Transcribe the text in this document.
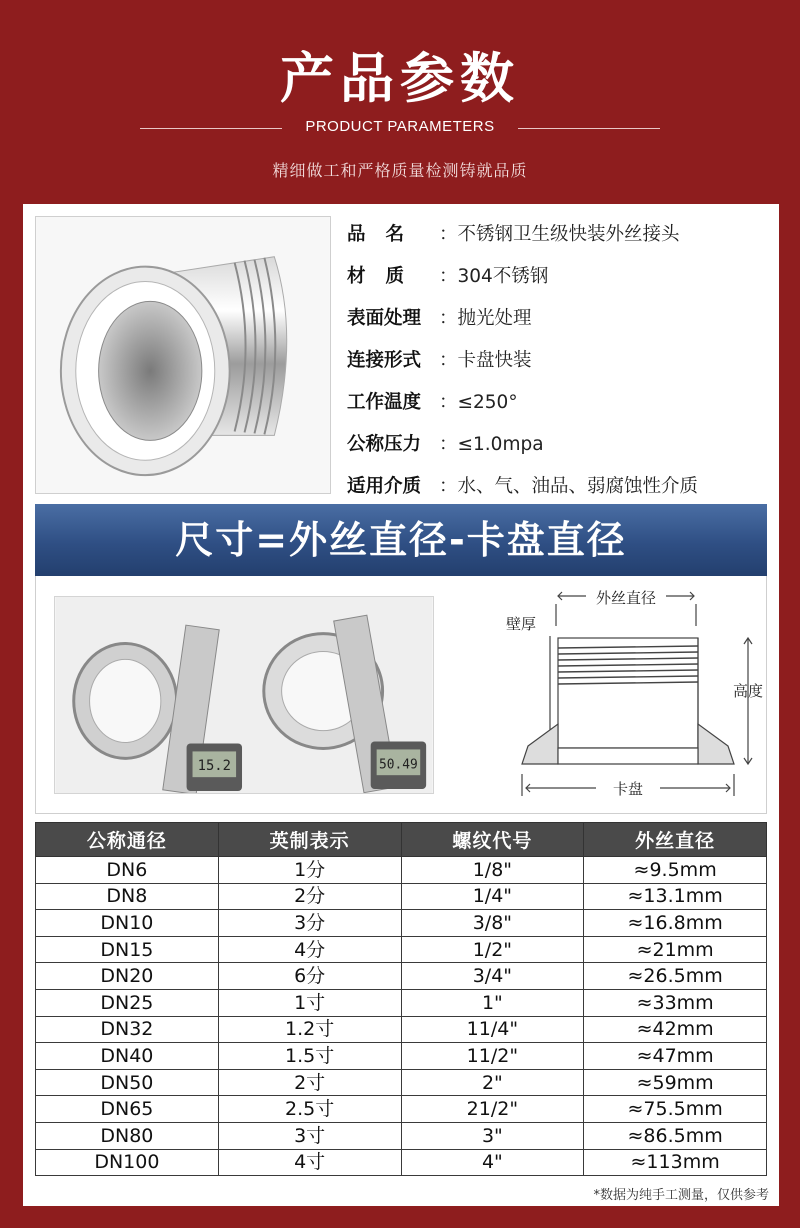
产品参数
PRODUCT PARAMETERS
精细做工和严格质量检测铸就品质
品名 ：不锈钢卫生级快装外丝接头
材质 ：304不锈钢
表面处理 ：抛光处理
连接形式 ：卡盘快装
工作温度 ：≤250°
公称压力 ：≤1.0mpa
适用介质 ：水、气、油品、弱腐蚀性介质
尺寸=外丝直径-卡盘直径
15.2	50.49
外丝直径
壁厚
高度
卡盘
公称通径	英制表示	螺纹代号	外丝直径
DN6	1分	1/8"	≈9.5mm
DN8	2分	1/4"	≈13.1mm
DN10	3分	3/8"	≈16.8mm
DN15	4分	1/2"	≈21mm
DN20	6分	3/4"	≈26.5mm
DN25	1寸	1"	≈33mm
DN32	1.2寸	11/4"	≈42mm
DN40	1.5寸	11/2"	≈47mm
DN50	2寸	2"	≈59mm
DN65	2.5寸	21/2"	≈75.5mm
DN80	3寸	3"	≈86.5mm
DN100	4寸	4"	≈113mm
*数据为纯手工测量，仅供参考
